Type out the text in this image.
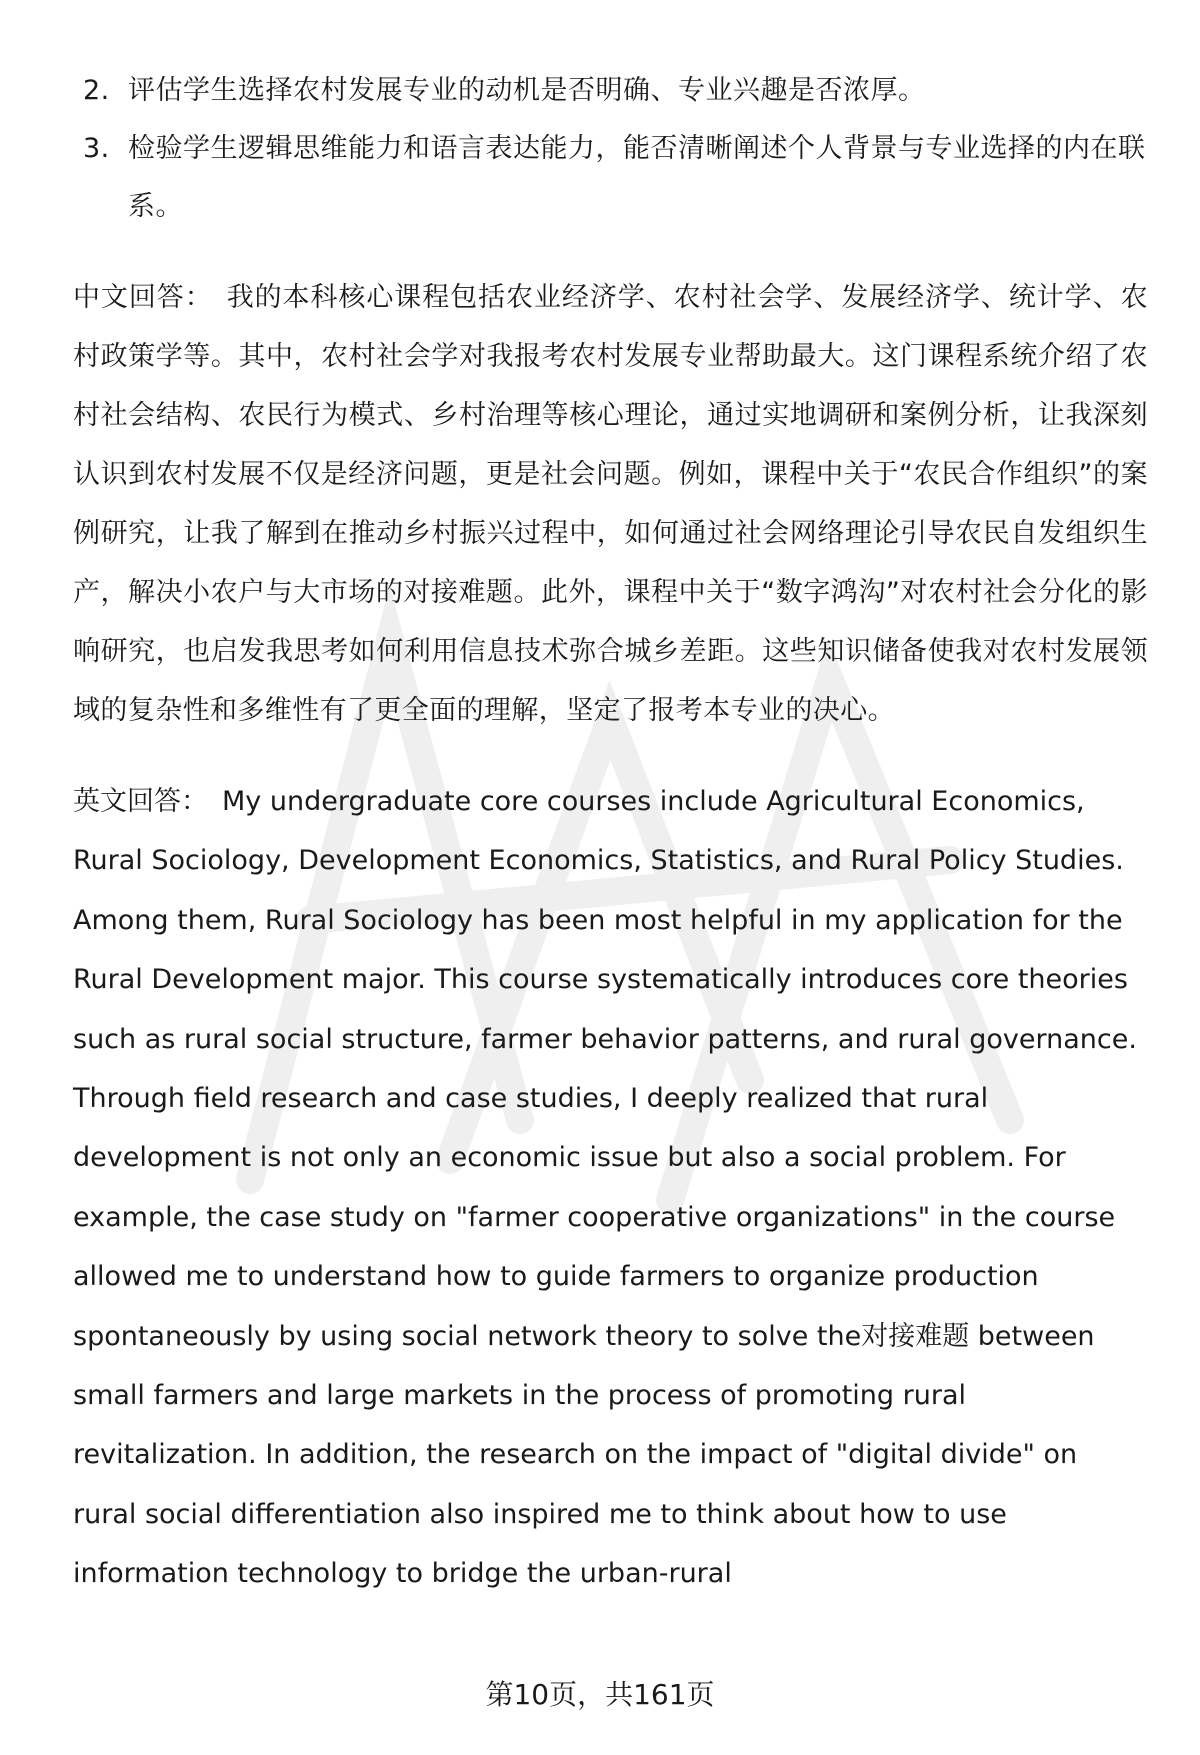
2. 评估学生选择农村发展专业的动机是否明确、专业兴趣是否浓厚。
3. 检验学生逻辑思维能力和语言表达能力，能否清晰阐述个人背景与专业选择的内在联系。

中文回答： 我的本科核心课程包括农业经济学、农村社会学、发展经济学、统计学、农村政策学等。其中，农村社会学对我报考农村发展专业帮助最大。这门课程系统介绍了农村社会结构、农民行为模式、乡村治理等核心理论，通过实地调研和案例分析，让我深刻认识到农村发展不仅是经济问题，更是社会问题。例如，课程中关于“农民合作组织”的案例研究，让我了解到在推动乡村振兴过程中，如何通过社会网络理论引导农民自发组织生产，解决小农户与大市场的对接难题。此外，课程中关于“数字鸿沟”对农村社会分化的影响研究，也启发我思考如何利用信息技术弥合城乡差距。这些知识储备使我对农村发展领域的复杂性和多维性有了更全面的理解，坚定了报考本专业的决心。

英文回答： My undergraduate core courses include Agricultural Economics, Rural Sociology, Development Economics, Statistics, and Rural Policy Studies. Among them, Rural Sociology has been most helpful in my application for the Rural Development major. This course systematically introduces core theories such as rural social structure, farmer behavior patterns, and rural governance. Through field research and case studies, I deeply realized that rural development is not only an economic issue but also a social problem. For example, the case study on "farmer cooperative organizations" in the course allowed me to understand how to guide farmers to organize production spontaneously by using social network theory to solve the对接难题 between small farmers and large markets in the process of promoting rural revitalization. In addition, the research on the impact of "digital divide" on rural social differentiation also inspired me to think about how to use information technology to bridge the urban-rural

第10页，共161页
